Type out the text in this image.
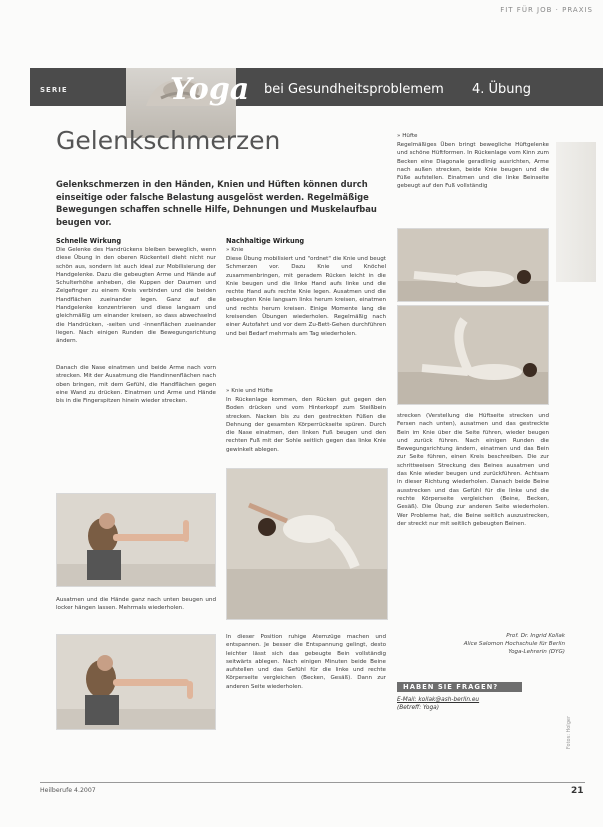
FIT FÜR JOB · PRAXIS
SERIE	Yoga bei Gesundheitsproblemem 4. Übung
Gelenkschmerzen
Gelenkschmerzen in den Händen, Knien und Hüften können durch einseitige oder falsche Belastung ausgelöst werden. Regelmäßige Bewegungen schaffen schnelle Hilfe, Dehnungen und Muskelaufbau beugen vor.
Schnelle Wirkung
Die Gelenke des Handrückens bleiben beweglich, wenn diese Übung in den oberen Rückenteil dieht nicht nur schön aus, sondern ist auch ideal zur Mobilisierung der Handgelenke. Dazu die gebeugten Arme und Hände auf Schulterhöhe anheben, die Kuppen der Daumen und Zeigefinger zu einem Kreis verbinden und die beiden Handflächen zueinander legen. Ganz auf die Handgelenke konzentrieren und diese langsam und gleichmäßig um einander kreisen, so dass abwechselnd die Handrücken, -seiten und -innenflächen zueinander liegen. Nach einigen Runden die Bewegungsrichtung ändern.
Danach die Nase einatmen und beide Arme nach vorn strecken. Mit der Ausatmung die Handinnenflächen nach oben bringen, mit dem Gefühl, die Handflächen gegen eine Wand zu drücken. Einatmen und Arme und Hände bis in die Fingerspitzen hinein wieder strecken.
Ausatmen und die Hände ganz nach unten beugen und locker hängen lassen. Mehrmals wiederholen.
Nachhaltige Wirkung
» Knie
Diese Übung mobilisiert und "ordnet" die Knie und beugt Schmerzen vor. Dazu Knie und Knöchel zusammenbringen, mit geradem Rücken leicht in die Knie beugen und die linke Hand aufs linke und die rechte Hand aufs rechte Knie legen. Ausatmen und die gebeugten Knie langsam links herum kreisen, einatmen und rechts herum kreisen. Einige Momente lang die kreisenden Übungen wiederholen. Regelmäßig nach einer Autofahrt und vor dem Zu-Bett-Gehen durchführen und bei Bedarf mehrmals am Tag wiederholen.
» Knie und Hüfte
In Rückenlage kommen, den Rücken gut gegen den Boden drücken und vom Hinterkopf zum Steißbein strecken. Nacken bis zu den gestreckten Füßen die Dehnung der gesamten Körperrückseite spüren. Durch die Nase einatmen, den linken Fuß beugen und den rechten Fuß mit der Sohle seitlich gegen das linke Knie gewinkelt ablegen.
In dieser Position ruhige Atemzüge machen und entspannen. Je besser die Entspannung gelingt, desto leichter lässt sich das gebeugte Bein vollständig seitwärts ablegen. Nach einigen Minuten beide Beine aufstellen und das Gefühl für die linke und rechte Körperseite vergleichen (Becken, Gesäß). Dann zur anderen Seite wiederholen.
» Hüfte
Regelmäßiges Üben bringt bewegliche Hüftgelenke und schöne Hüftformen. In Rückenlage vom Kinn zum Becken eine Diagonale geradlinig ausrichten, Arme nach außen strecken, beide Knie beugen und die Füße aufstellen. Einatmen und die linke Beinseite gebeugt auf den Fuß vollständig
strecken (Verstellung die Hüftseite strecken und Fersen nach unten), ausatmen und das gestreckte Bein im Knie über die Seite führen, wieder beugen und zurück führen. Nach einigen Runden die Bewegungsrichtung ändern, einatmen und das Bein zur Seite führen, einen Kreis beschreiben. Die zur schrittweisen Streckung des Beines ausatmen und das Knie wieder beugen und zurückführen. Achtsam in dieser Richtung wiederholen. Danach beide Beine ausstrecken und das Gefühl für die linke und die rechte Körperseite vergleichen (Beine, Becken, Gesäß). Die Übung zur anderen Seite wiederholen. Wer Probleme hat, die Beine seitlich auszustrecken, der streckt nur mit seitlich gebeugten Beinen.
Prof. Dr. Ingrid Kollak
Alice Salomon Hochschule für Berlin
Yoga-Lehrerin (DYG)
HABEN SIE FRAGEN?
E-Mail: kollak@ash-berlin.eu
(Betreff: Yoga)
Fotos: Holger
Heilberufe 4.2007	21
